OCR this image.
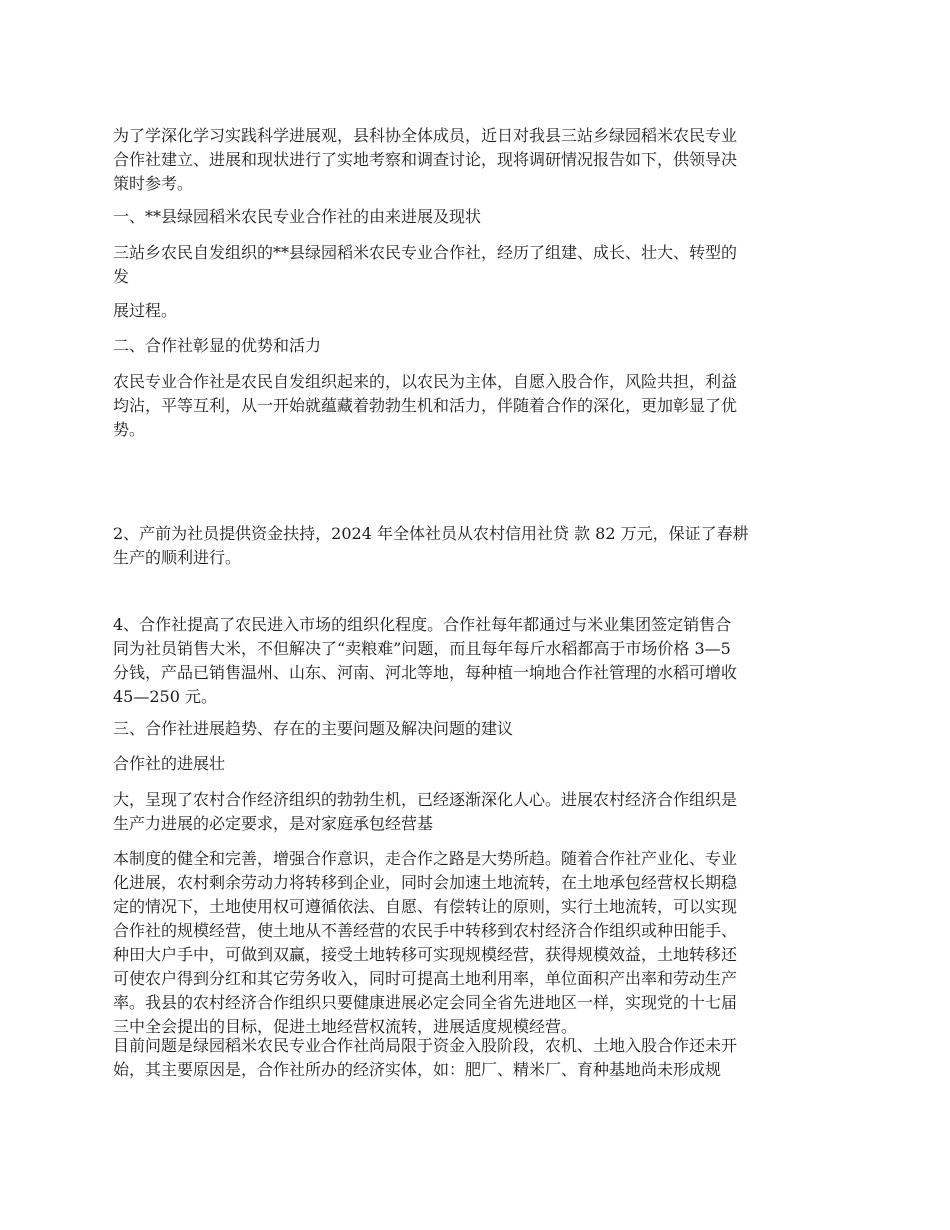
为了学深化学习实践科学进展观，县科协全体成员，近日对我县三站乡绿园稻米农民专业
合作社建立、进展和现状进行了实地考察和调查讨论，现将调研情况报告如下，供领导决
策时参考。

一、**县绿园稻米农民专业合作社的由来进展及现状

三站乡农民自发组织的**县绿园稻米农民专业合作社，经历了组建、成长、壮大、转型的
发

展过程。

二、合作社彰显的优势和活力

农民专业合作社是农民自发组织起来的，以农民为主体，自愿入股合作，风险共担，利益
均沾，平等互利，从一开始就蕴藏着勃勃生机和活力，伴随着合作的深化，更加彰显了优
势。

2、产前为社员提供资金扶持，2024 年全体社员从农村信用社贷 款 82 万元，保证了春耕
生产的顺利进行。

4、合作社提高了农民进入市场的组织化程度。合作社每年都通过与米业集团签定销售合
同为社员销售大米，不但解决了“卖粮难”问题，而且每年每斤水稻都高于市场价格 3—5
分钱，产品已销售温州、山东、河南、河北等地，每种植一垧地合作社管理的水稻可增收
45—250 元。

三、合作社进展趋势、存在的主要问题及解决问题的建议

合作社的进展壮

大，呈现了农村合作经济组织的勃勃生机，已经逐渐深化人心。进展农村经济合作组织是
生产力进展的必定要求，是对家庭承包经营基

本制度的健全和完善，增强合作意识，走合作之路是大势所趋。随着合作社产业化、专业
化进展，农村剩余劳动力将转移到企业，同时会加速土地流转，在土地承包经营权长期稳
定的情况下，土地使用权可遵循依法、自愿、有偿转让的原则，实行土地流转，可以实现
合作社的规模经营，使土地从不善经营的农民手中转移到农村经济合作组织或种田能手、
种田大户手中，可做到双赢，接受土地转移可实现规模经营，获得规模效益，土地转移还
可使农户得到分红和其它劳务收入，同时可提高土地利用率，单位面积产出率和劳动生产
率。我县的农村经济合作组织只要健康进展必定会同全省先进地区一样，实现党的十七届
三中全会提出的目标，促进土地经营权流转，进展适度规模经营。

目前问题是绿园稻米农民专业合作社尚局限于资金入股阶段，农机、土地入股合作还未开
始，其主要原因是，合作社所办的经济实体，如：肥厂、精米厂、育种基地尚未形成规
